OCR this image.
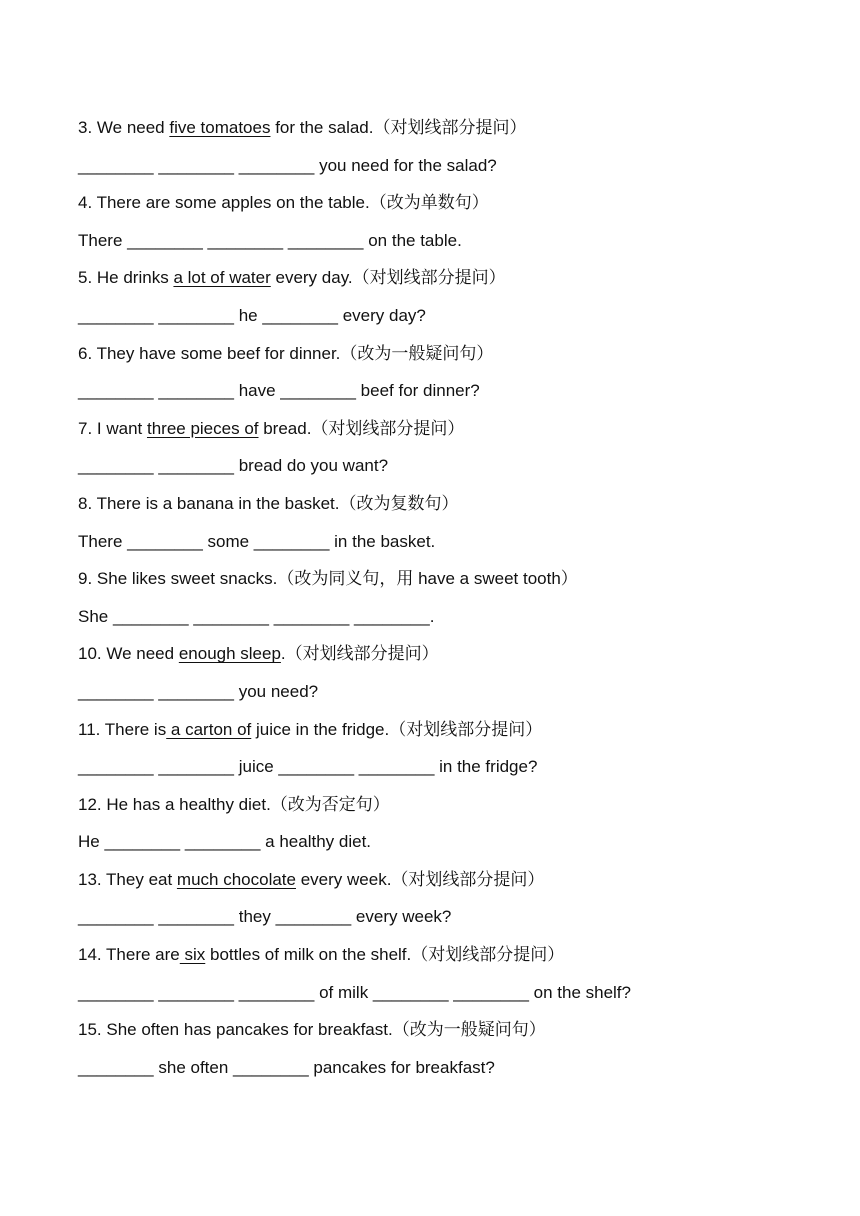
3. We need five tomatoes for the salad.（对划线部分提问）
________ ________ ________ you need for the salad?
4. There are some apples on the table.（改为单数句）
There ________ ________ ________ on the table.
5. He drinks a lot of water every day.（对划线部分提问）
________ ________ he ________ every day?
6. They have some beef for dinner.（改为一般疑问句）
________ ________ have ________ beef for dinner?
7. I want three pieces of bread.（对划线部分提问）
________ ________ bread do you want?
8. There is a banana in the basket.（改为复数句）
There ________ some ________ in the basket.
9. She likes sweet snacks.（改为同义句，用 have a sweet tooth）
She ________ ________ ________ ________.
10. We need enough sleep.（对划线部分提问）
________ ________ you need?
11. There is a carton of juice in the fridge.（对划线部分提问）
________ ________ juice ________ ________ in the fridge?
12. He has a healthy diet.（改为否定句）
He ________ ________ a healthy diet.
13. They eat much chocolate every week.（对划线部分提问）
________ ________ they ________ every week?
14. There are six bottles of milk on the shelf.（对划线部分提问）
________ ________ ________ of milk ________ ________ on the shelf?
15. She often has pancakes for breakfast.（改为一般疑问句）
________ she often ________ pancakes for breakfast?
